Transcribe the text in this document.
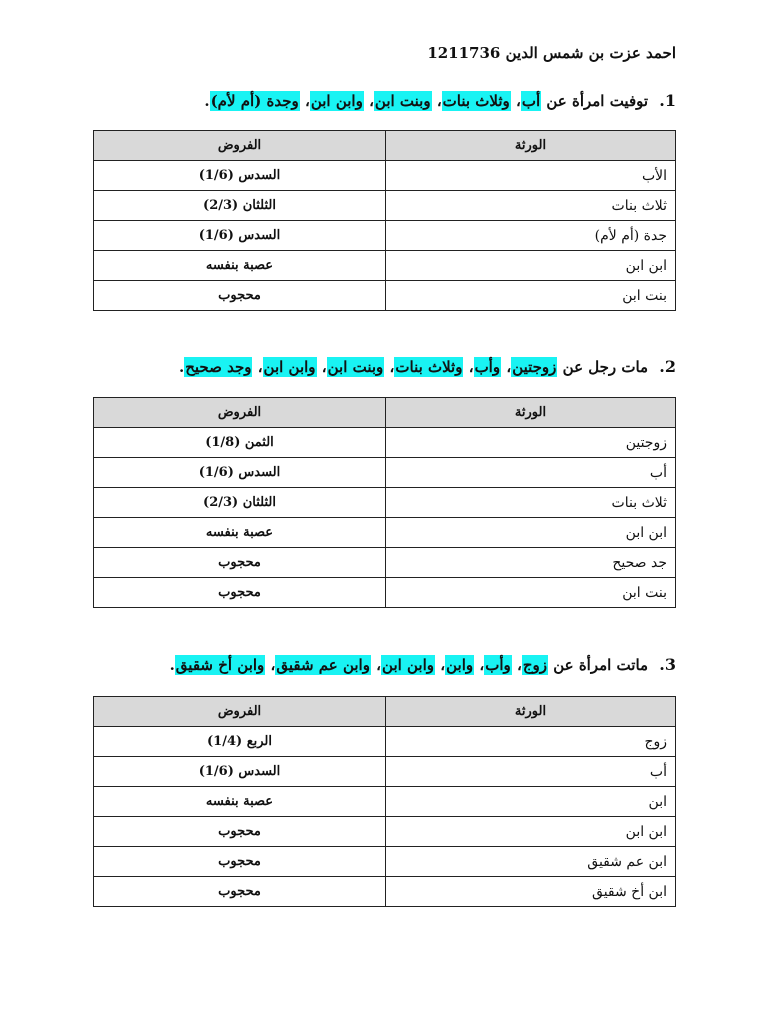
احمد عزت بن شمس الدين 1211736
1. توفيت امرأة عن أب، وثلاث بنات، وبنت ابن، وابن ابن، وجدة (أم لأم).
الورثة	الفروض
الأب	السدس (1/6)
ثلاث بنات	الثلثان (2/3)
جدة (أم لأم)	السدس (1/6)
ابن ابن	عصبة بنفسه
بنت ابن	محجوب
2. مات رجل عن زوجتين، وأب، وثلاث بنات، وبنت ابن، وابن ابن، وجد صحيح.
الورثة	الفروض
زوجتين	الثمن (1/8)
أب	السدس (1/6)
ثلاث بنات	الثلثان (2/3)
ابن ابن	عصبة بنفسه
جد صحيح	محجوب
بنت ابن	محجوب
3. ماتت امرأة عن زوج، وأب، وابن، وابن ابن، وابن عم شقيق، وابن أخ شقيق.
الورثة	الفروض
زوج	الربع (1/4)
أب	السدس (1/6)
ابن	عصبة بنفسه
ابن ابن	محجوب
ابن عم شقيق	محجوب
ابن أخ شقيق	محجوب
